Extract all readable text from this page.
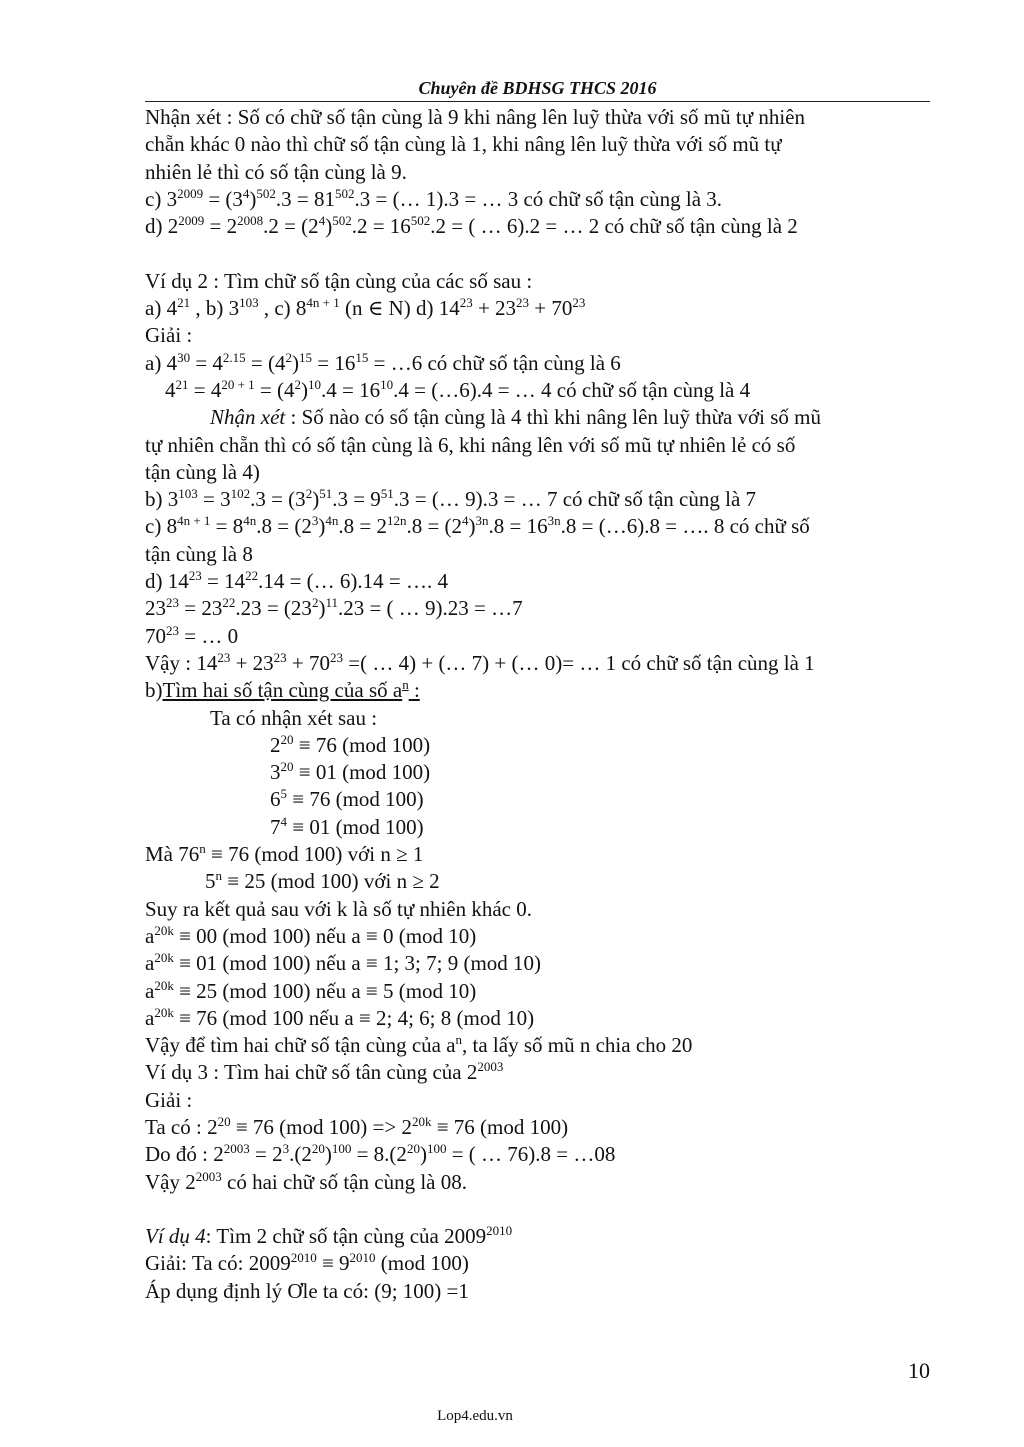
Chuyên đề BDHSG THCS 2016
Nhận xét : Số có chữ số tận cùng là 9 khi nâng lên luỹ thừa với số mũ tự nhiên
chẵn khác 0 nào thì chữ số tận cùng là 1, khi nâng lên luỹ thừa với số mũ tự
nhiên lẻ thì có số tận cùng là 9.
c) $3^{2009} = (3^4)^{502}.3 = 81^{502}.3$ = (… 1).3 = … 3 có chữ số tận cùng là 3.
d) $2^{2009} = 2^{2008}.2 = (2^4)^{502}.2 = 16^{502}.2$ = ( … 6).2 = … 2 có chữ số tận cùng là 2
Ví dụ 2 : Tìm chữ số tận cùng của các số sau :
a) $4^{21}$ , b) $3^{103}$ , c) $8^{4n + 1}$ (n ∈ N) d) $14^{23} + 23^{23} + 70^{23}$
Giải :
a) $4^{30} = 4^{2.15} = (4^2)^{15} = 16^{15}$ = …6 có chữ số tận cùng là 6
$4^{21} = 4^{20 + 1} = (4^2)^{10}.4 = 16^{10}.4$ = (…6).4 = … 4 có chữ số tận cùng là 4
Nhận xét : Số nào có số tận cùng là 4 thì khi nâng lên luỹ thừa với số mũ
tự nhiên chẵn thì có số tận cùng là 6, khi nâng lên với số mũ tự nhiên lẻ có số
tận cùng là 4)
b) $3^{103} = 3^{102}.3 = (3^2)^{51}.3 = 9^{51}.3$ = (… 9).3 = … 7 có chữ số tận cùng là 7
c) $8^{4n + 1} = 8^{4n}.8 = (2^3)^{4n}.8 = 2^{12n}.8 = (2^4)^{3n}.8 = 16^{3n}.8$ = (…6).8 = …. 8 có chữ số
tận cùng là 8
d) $14^{23} = 14^{22}.14$ = (… 6).14 = …. 4
$23^{23} = 23^{22}.23 = (23^2)^{11}.23$ = ( … 9).23 = …7
$70^{23}$ = … 0
Vậy : $14^{23} + 23^{23} + 70^{23}$ =( … 4) + (… 7) + (… 0)= … 1 có chữ số tận cùng là 1
b)Tìm hai số tận cùng của số $a^n$ :
Ta có nhận xét sau :
$2^{20} \equiv 76$ (mod 100)
$3^{20} \equiv 01$ (mod 100)
$6^5 \equiv 76$ (mod 100)
$7^4 \equiv 01$ (mod 100)
Mà $76^n \equiv 76$ (mod 100) với n ≥ 1
$5^n \equiv 25$ (mod 100) với n ≥ 2
Suy ra kết quả sau với k là số tự nhiên khác 0.
$a^{20k} \equiv 00$ (mod 100) nếu a ≡ 0 (mod 10)
$a^{20k} \equiv 01$ (mod 100) nếu a ≡ 1; 3; 7; 9 (mod 10)
$a^{20k} \equiv 25$ (mod 100) nếu a ≡ 5 (mod 10)
$a^{20k} \equiv 76$ (mod 100 nếu a ≡ 2; 4; 6; 8 (mod 10)
Vậy để tìm hai chữ số tận cùng của $a^n$, ta lấy số mũ n chia cho 20
Ví dụ 3 : Tìm hai chữ số tân cùng của $2^{2003}$
Giải :
Ta có : $2^{20} \equiv 76$ (mod $100) => 2^{20k} \equiv 76$ (mod 100)
Do đó : $2^{2003} = 2^3.(2^{20})^{100} = 8.(2^{20})^{100}$ = ( … 76).8 = …08
Vậy $2^{2003}$ có hai chữ số tận cùng là 08.
Ví dụ 4: Tìm 2 chữ số tận cùng của $2009^{2010}$
Giải: Ta có: $2009^{2010} \equiv 9^{2010}$ (mod 100)
Áp dụng định lý Ơle ta có: (9; 100) =1
10
Lop4.edu.vn
